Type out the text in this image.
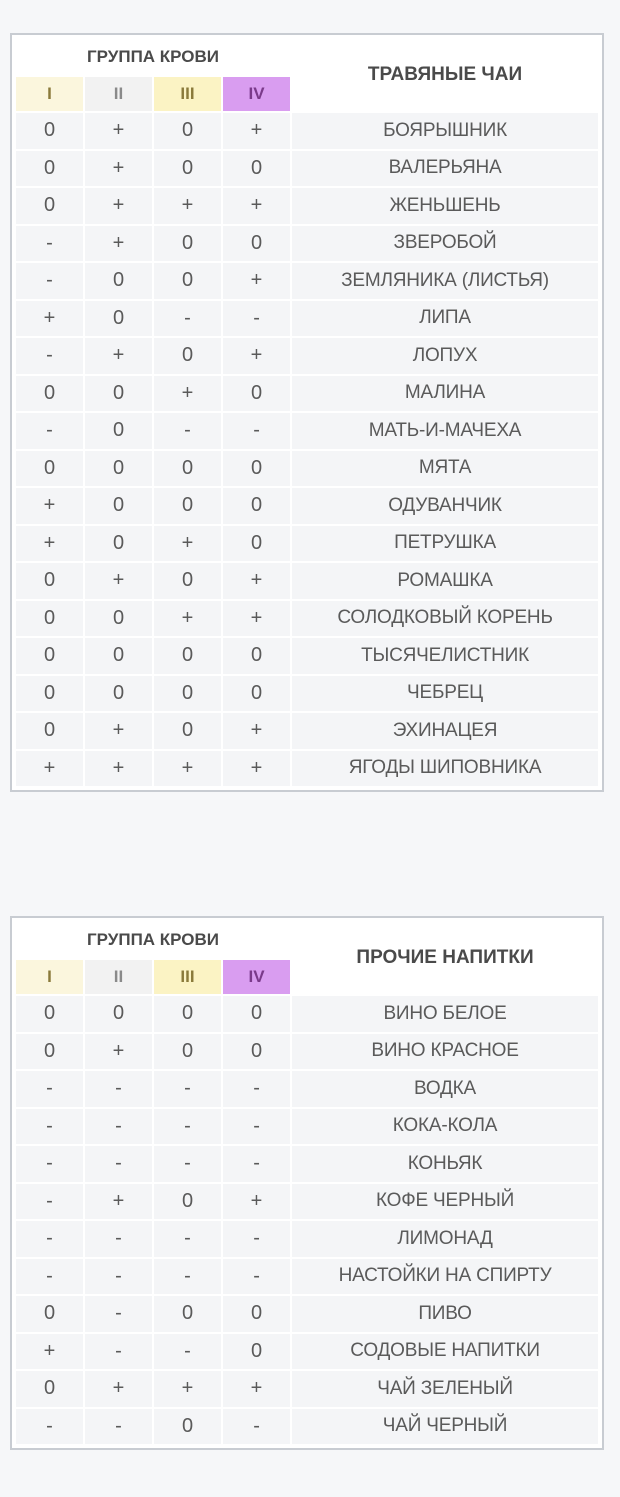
ГРУППА КРОВИ				ТРАВЯНЫЕ ЧАИ
I	II	III	IV	
0	+	0	+	БОЯРЫШНИК
0	+	0	0	ВАЛЕРЬЯНА
0	+	+	+	ЖЕНЬШЕНЬ
-	+	0	0	ЗВЕРОБОЙ
-	0	0	+	ЗЕМЛЯНИКА (ЛИСТЬЯ)
+	0	-	-	ЛИПА
-	+	0	+	ЛОПУХ
0	0	+	0	МАЛИНА
-	0	-	-	МАТЬ-И-МАЧЕХА
0	0	0	0	МЯТА
+	0	0	0	ОДУВАНЧИК
+	0	+	0	ПЕТРУШКА
0	+	0	+	РОМАШКА
0	0	+	+	СОЛОДКОВЫЙ КОРЕНЬ
0	0	0	0	ТЫСЯЧЕЛИСТНИК
0	0	0	0	ЧЕБРЕЦ
0	+	0	+	ЭХИНАЦЕЯ
+	+	+	+	ЯГОДЫ ШИПОВНИКА
ГРУППА КРОВИ				ПРОЧИЕ НАПИТКИ
I	II	III	IV	
0	0	0	0	ВИНО БЕЛОЕ
0	+	0	0	ВИНО КРАСНОЕ
-	-	-	-	ВОДКА
-	-	-	-	КОКА-КОЛА
-	-	-	-	КОНЬЯК
-	+	0	+	КОФЕ ЧЕРНЫЙ
-	-	-	-	ЛИМОНАД
-	-	-	-	НАСТОЙКИ НА СПИРТУ
0	-	0	0	ПИВО
+	-	-	0	СОДОВЫЕ НАПИТКИ
0	+	+	+	ЧАЙ ЗЕЛЕНЫЙ
-	-	0	-	ЧАЙ ЧЕРНЫЙ
